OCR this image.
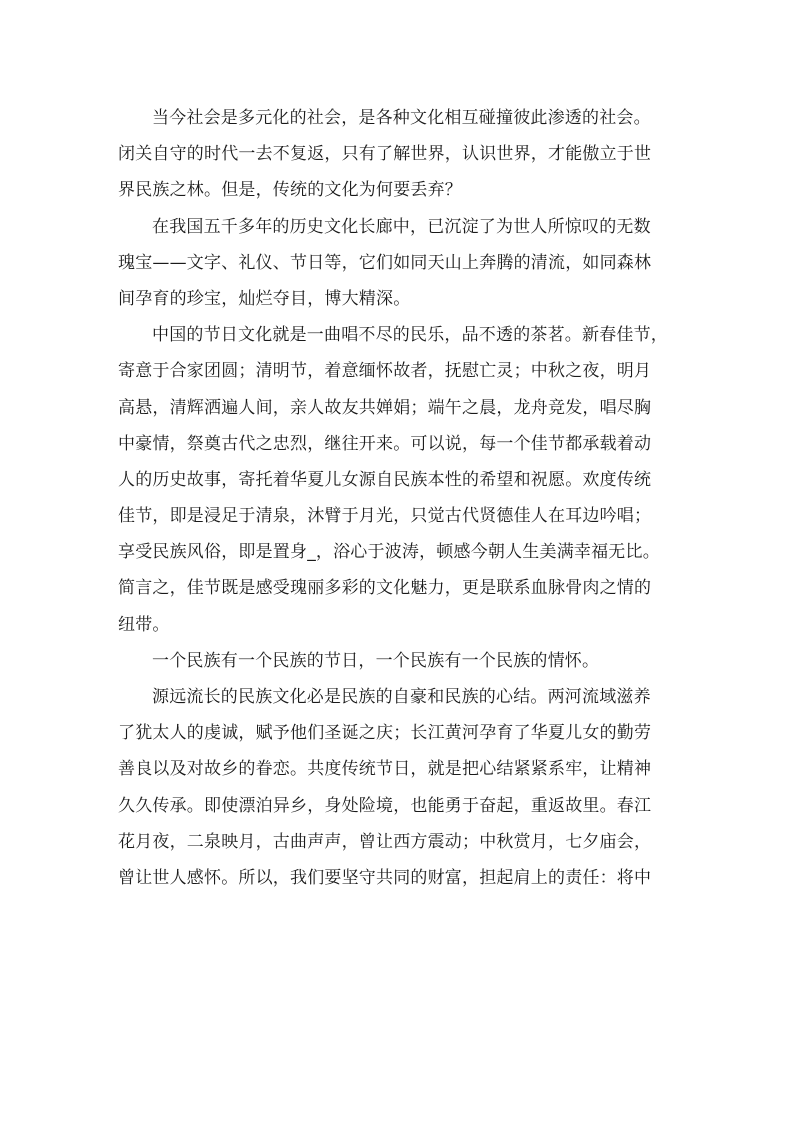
当今社会是多元化的社会，是各种文化相互碰撞彼此渗透的社会。
闭关自守的时代一去不复返，只有了解世界，认识世界，才能傲立于世
界民族之林。但是，传统的文化为何要丢弃？
在我国五千多年的历史文化长廊中，已沉淀了为世人所惊叹的无数
瑰宝——文字、礼仪、节日等，它们如同天山上奔腾的清流，如同森林
间孕育的珍宝，灿烂夺目，博大精深。
中国的节日文化就是一曲唱不尽的民乐，品不透的茶茗。新春佳节，
寄意于合家团圆；清明节，着意缅怀故者，抚慰亡灵；中秋之夜，明月
高悬，清辉洒遍人间，亲人故友共婵娟；端午之晨，龙舟竞发，唱尽胸
中豪情，祭奠古代之忠烈，继往开来。可以说，每一个佳节都承载着动
人的历史故事，寄托着华夏儿女源自民族本性的希望和祝愿。欢度传统
佳节，即是浸足于清泉，沐臂于月光，只觉古代贤德佳人在耳边吟唱；
享受民族风俗，即是置身_，浴心于波涛，顿感今朝人生美满幸福无比。
简言之，佳节既是感受瑰丽多彩的文化魅力，更是联系血脉骨肉之情的
纽带。
一个民族有一个民族的节日，一个民族有一个民族的情怀。
源远流长的民族文化必是民族的自豪和民族的心结。两河流域滋养
了犹太人的虔诚，赋予他们圣诞之庆；长江黄河孕育了华夏儿女的勤劳
善良以及对故乡的眷恋。共度传统节日，就是把心结紧紧系牢，让精神
久久传承。即使漂泊异乡，身处险境，也能勇于奋起，重返故里。春江
花月夜，二泉映月，古曲声声，曾让西方震动；中秋赏月，七夕庙会，
曾让世人感怀。所以，我们要坚守共同的财富，担起肩上的责任：将中
